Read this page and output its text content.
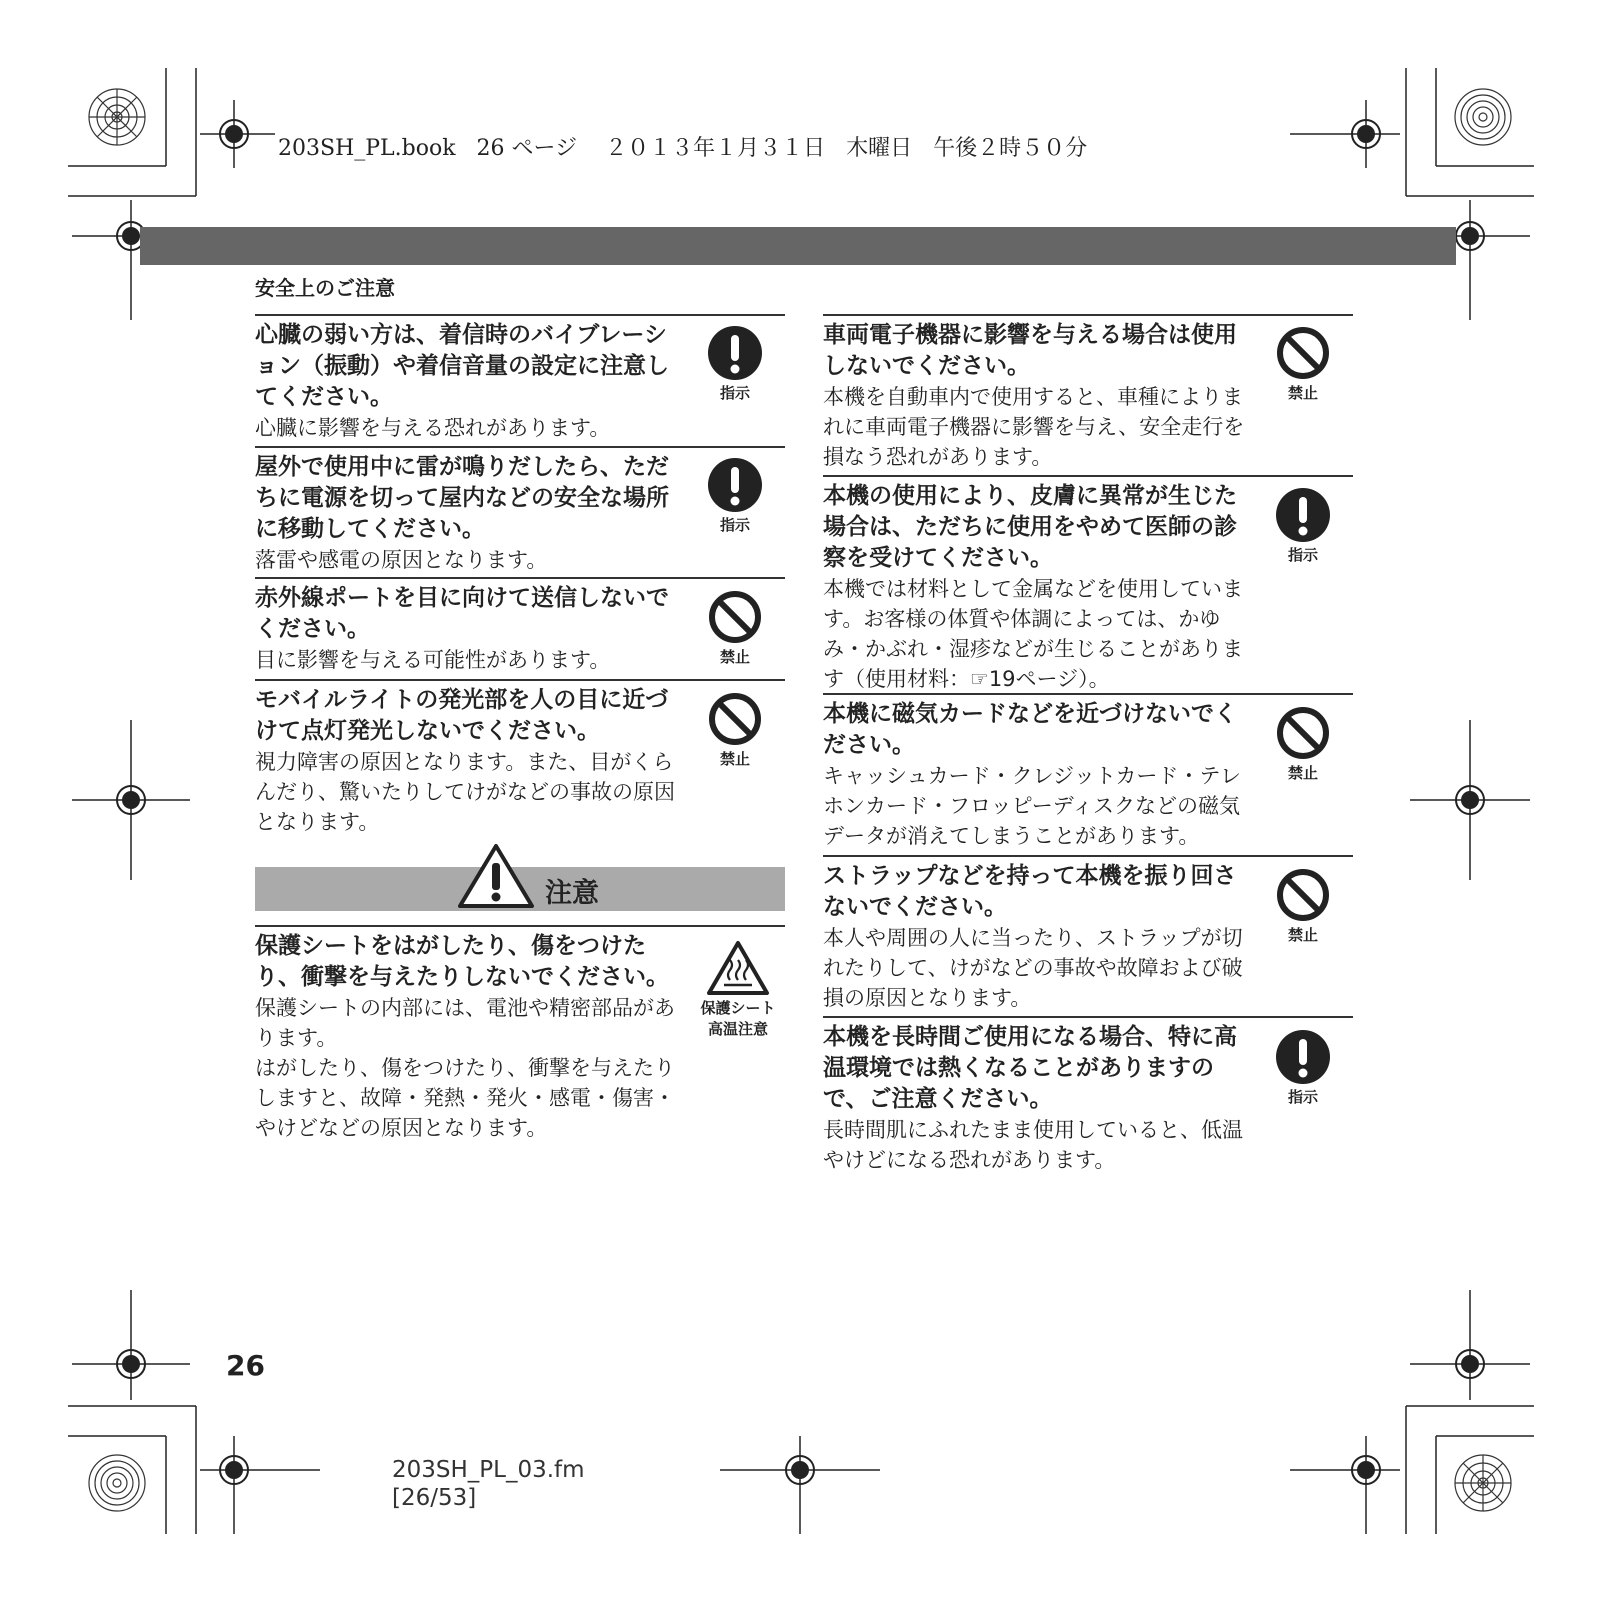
203SH_PL.book 26 ページ ２０１３年１月３１日 木曜日 午後２時５０分
安全上のご注意
心臓の弱い方は、着信時のバイブレーション（振動）や着信音量の設定に注意してください。
心臓に影響を与える恐れがあります。
指示
屋外で使用中に雷が鳴りだしたら、ただちに電源を切って屋内などの安全な場所に移動してください。
落雷や感電の原因となります。
指示
赤外線ポートを目に向けて送信しないでください。
目に影響を与える可能性があります。	禁止
モバイルライトの発光部を人の目に近づけて点灯発光しないでください。
視力障害の原因となります。また、目がくらんだり、驚いたりしてけがなどの事故の原因となります。
禁止
注意
保護シートをはがしたり、傷をつけたり、衝撃を与えたりしないでください。
保護シートの内部には、電池や精密部品があります。
はがしたり、傷をつけたり、衝撃を与えたりしますと、故障・発熱・発火・感電・傷害・やけどなどの原因となります。
保護シート
高温注意
車両電子機器に影響を与える場合は使用しないでください。
本機を自動車内で使用すると、車種によりまれに車両電子機器に影響を与え、安全走行を損なう恐れがあります。
禁止
本機の使用により、皮膚に異常が生じた場合は、ただちに使用をやめて医師の診察を受けてください。
本機では材料として金属などを使用しています。お客様の体質や体調によっては、かゆみ・かぶれ・湿疹などが生じることがあります（使用材料：☞19ページ）。
指示
本機に磁気カードなどを近づけないでください。
キャッシュカード・クレジットカード・テレホンカード・フロッピーディスクなどの磁気データが消えてしまうことがあります。
禁止
ストラップなどを持って本機を振り回さないでください。
本人や周囲の人に当ったり、ストラップが切れたりして、けがなどの事故や故障および破損の原因となります。
禁止
本機を長時間ご使用になる場合、特に高温環境では熱くなることがありますので、ご注意ください。
長時間肌にふれたまま使用していると、低温やけどになる恐れがあります。
指示
26
203SH_PL_03.fm
[26/53]
